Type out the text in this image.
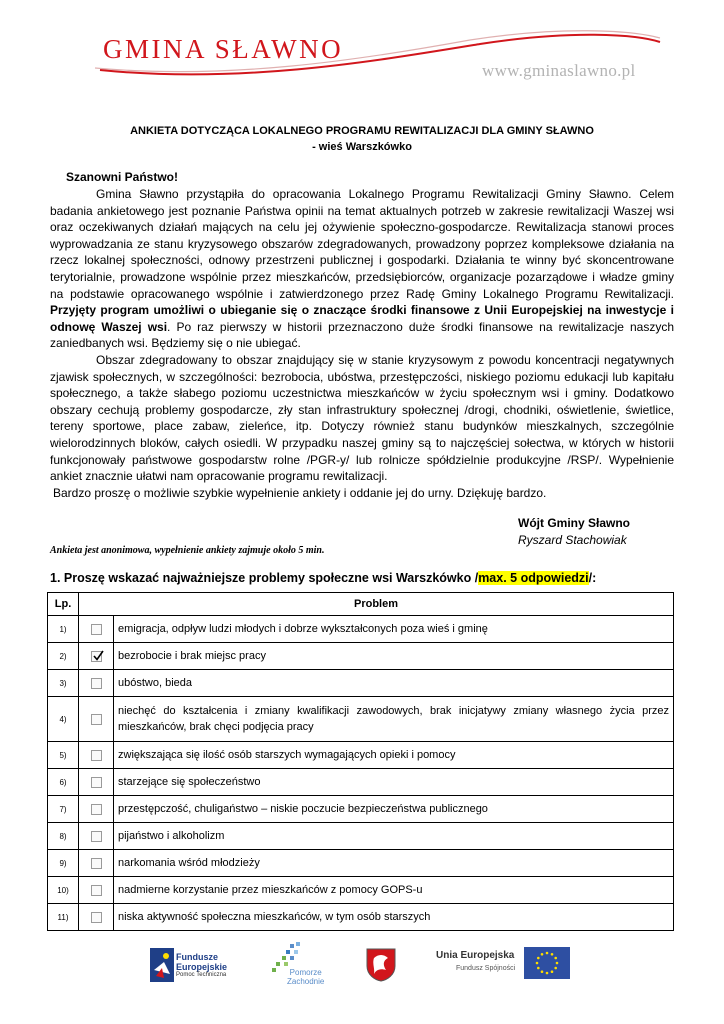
GMINA SŁAWNO
www.gminaslawno.pl
ANKIETA DOTYCZĄCA LOKALNEGO PROGRAMU REWITALIZACJI DLA GMINY SŁAWNO
- wieś Warszkówko
Szanowni Państwo!

Gmina Sławno przystąpiła do opracowania Lokalnego Programu Rewitalizacji Gminy Sławno. Celem badania ankietowego jest poznanie Państwa opinii na temat aktualnych potrzeb w zakresie rewitalizacji Waszej wsi oraz oczekiwanych działań mających na celu jej ożywienie społeczno-gospodarcze. Rewitalizacja stanowi proces wyprowadzania ze stanu kryzysowego obszarów zdegradowanych, prowadzony poprzez kompleksowe działania na rzecz lokalnej społeczności, odnowy przestrzeni publicznej i gospodarki. Działania te winny być skoncentrowane terytorialnie, prowadzone wspólnie przez mieszkańców, przedsiębiorców, organizacje pozarządowe i władze gminy na podstawie opracowanego wspólnie i zatwierdzonego przez Radę Gminy Lokalnego Programu Rewitalizacji. Przyjęty program umożliwi o ubieganie się o znaczące środki finansowe z Unii Europejskiej na inwestycje i odnowę Waszej wsi. Po raz pierwszy w historii przeznaczono duże środki finansowe na rewitalizacje naszych zaniedbanych wsi. Będziemy się o nie ubiegać.

Obszar zdegradowany to obszar znajdujący się w stanie kryzysowym z powodu koncentracji negatywnych zjawisk społecznych, w szczególności: bezrobocia, ubóstwa, przestępczości, niskiego poziomu edukacji lub kapitału społecznego, a także słabego poziomu uczestnictwa mieszkańców w życiu społecznym wsi i gminy. Dodatkowo obszary cechują problemy gospodarcze, zły stan infrastruktury społecznej /drogi, chodniki, oświetlenie, świetlice, tereny sportowe, place zabaw, zieleńce, itp. Dotyczy również stanu budynków mieszkalnych, szczególnie wielorodzinnych bloków, całych osiedli. W przypadku naszej gminy są to najczęściej sołectwa, w których w historii funkcjonowały państwowe gospodarstw rolne /PGR-y/ lub rolnicze spółdzielnie produkcyjne /RSP/. Wypełnienie ankiet znacznie ułatwi nam opracowanie programu rewitalizacji.

Bardzo proszę o możliwie szybkie wypełnienie ankiety i oddanie jej do urny. Dziękuję bardzo.

Wójt Gminy Sławno
Ryszard Stachowiak
Ankieta jest anonimowa, wypełnienie ankiety zajmuje około 5 min.
1. Proszę wskazać najważniejsze problemy społeczne wsi Warszkówko /max. 5 odpowiedzi/:
Lp.	Problem	
1)		emigracja, odpływ ludzi młodych i dobrze wykształconych poza wieś i gminę
2)		bezrobocie i brak miejsc pracy
3)		ubóstwo, bieda
4)		niechęć do kształcenia i zmiany kwalifikacji zawodowych, brak inicjatywy zmiany własnego życia przez mieszkańców, brak chęci podjęcia pracy
5)		zwiększająca się ilość osób starszych wymagających opieki i pomocy
6)		starzejące się społeczeństwo
7)		przestępczość, chuligaństwo – niskie poczucie bezpieczeństwa publicznego
8)		pijaństwo i alkoholizm
9)		narkomania wśród młodzieży
10)		nadmierne korzystanie przez mieszkańców z pomocy GOPS-u
11)		niska aktywność społeczna mieszkańców, w tym osób starszych
Fundusze
Europejskie
Pomoc Techniczna	Pomorze
Zachodnie
Unia Europejska
Fundusz Spójności
